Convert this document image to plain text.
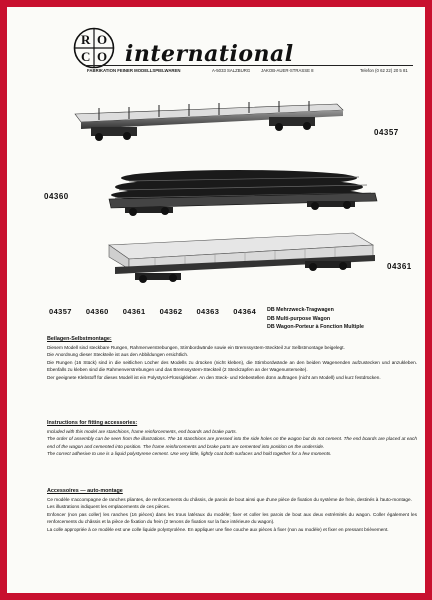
R O
C O international
FABRIKATION FEINER MODELLSPIELWAREN	A-5033 SALZBURG	JAKOB-AUER-STRASSE 8	Telefon (0 62 22) 20 5 81
04357
04360
04361
04357 04360 04361 04362 04363 04364 DB Mehrzweck-Tragwagen
DB Multi-purpose Wagon
DB Wagon-Porteur à Fonction Multiple
Beilagen-Selbstmontage:

Diesem Modell sind steckbare Rungen, Rahmenverstrebungen, Stirnbordwände sowie ein Bremssystem-Steckteil zur Selbstmontage beigelegt.

Die Anordnung dieser Steckteile ist aus den Abbildungen ersichtlich.

Die Rungen (16 Stück) sind in die seitlichen Löcher des Modells zu drücken (nicht kleben), die Stirnbordwände an den beiden Wagenenden aufzustecken und anzukleben. Ebenfalls zu kleben sind die Rahmenverstrebungen und das Bremssystem-Steckteil (2 Steckzapfen an der Wagenunterseite).

Der geeignete Klebstoff für dieses Modell ist ein Polystyrol-Flüssigkleber. An den Steck- und Klebestellen dünn auftragen (nicht am Modell) und kurz festdrücken.

Instructions for fitting accessories:

Included with this model are stanchions, frame reinforcements, end boards and brake parts.

The order of assembly can be seen from the illustrations. The 16 stanchions are pressed into the side holes on the wagon but do not cement. The end boards are placed at each end of the wagon and cemented into position. The frame reinforcements and brake parts are cemented into position on the underside.

The correct adhesive to use is a liquid polystyrene cement. Use very little, lightly coat both surfaces and hold together for a few moments.

Accessoires — auto-montage

Ce modèle s'accompagne de ranches pliantes, de renforcements du châssis, de parois de bout ainsi que d'une pièce de fixation du système de frein, destinés à l'auto-montage.

Les illustrations indiquent les emplacements de ces pièces.

Enfoncer (non pas coller) les ranches (16 pièces) dans les trous latéraux du modèle; fixer et coller les parois de bout aux deux extrémités du wagon. Coller également les renforcements du châssis et la pièce de fixation du frein (2 tenons de fixation sur la face intérieure du wagon).

La colle appropriée à ce modèle est une colle liquide polystyrolène. En appliquer une fine couche aux pièces à fixer (non au modèle) et fixer en pressant brièvement.
